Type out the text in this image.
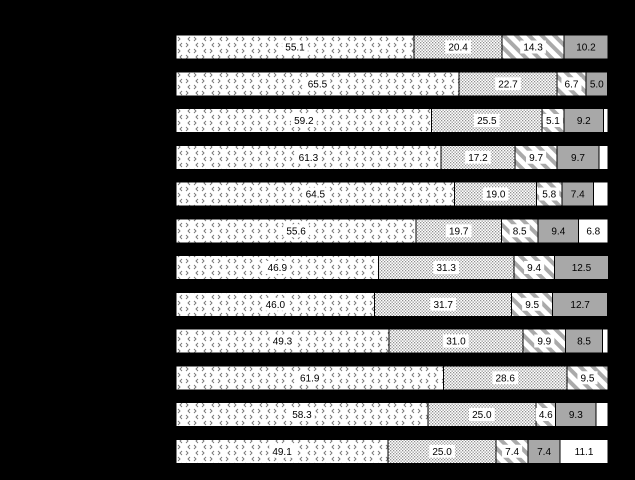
55.1	20.4	14.3	10.2
65.5	22.7	6.7 5.0
59.2	25.5	5.1 9.2
61.3	17.2	9.7	9.7
64.5	19.0	5.8 7.4
55.6	19.7	8.5 9.4 6.8
46.9	31.3	9.4	12.5
46.0	31.7	9.5	12.7
49.3	31.0	9.9	8.5
61.9	28.6	9.5
58.3	25.0	4.6 9.3
49.1	25.0	7.4 7.4 11.1
